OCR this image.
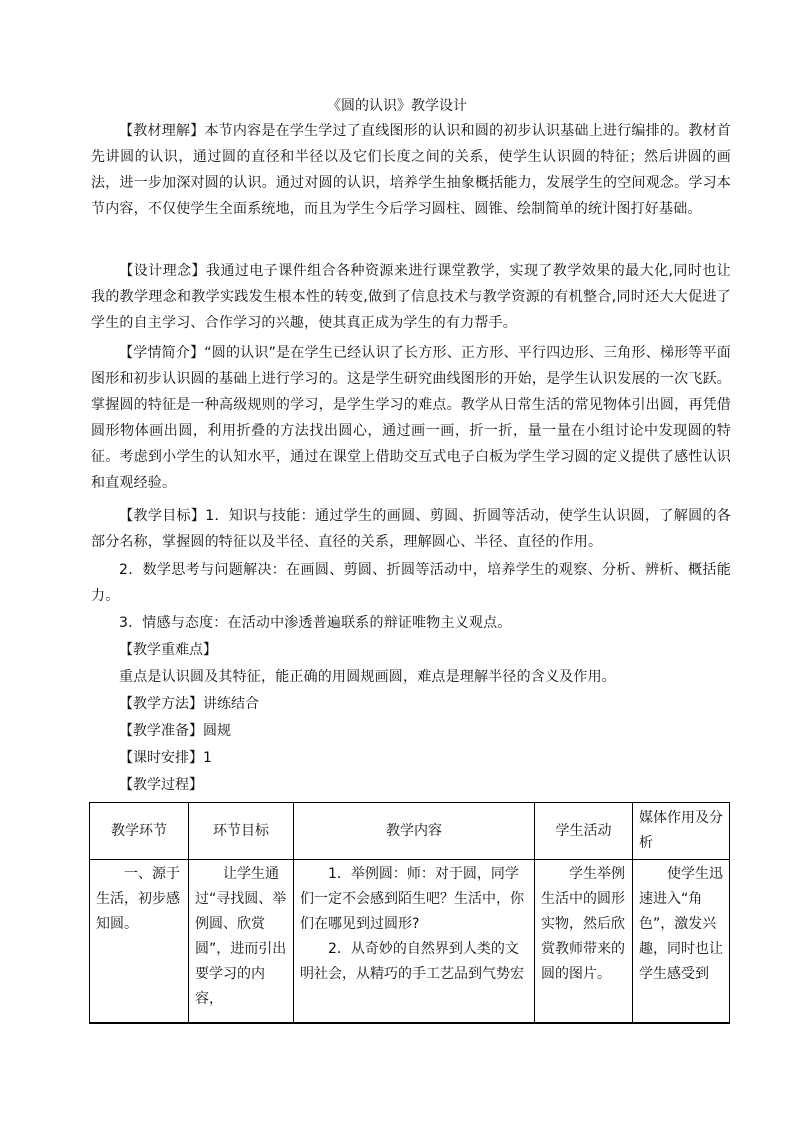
《圆的认识》教学设计

【教材理解】本节内容是在学生学过了直线图形的认识和圆的初步认识基础上进行编排的。教材首先讲圆的认识，通过圆的直径和半径以及它们长度之间的关系，使学生认识圆的特征；然后讲圆的画法，进一步加深对圆的认识。通过对圆的认识，培养学生抽象概括能力，发展学生的空间观念。学习本节内容，不仅使学生全面系统地，而且为学生今后学习圆柱、圆锥、绘制简单的统计图打好基础。

【设计理念】我通过电子课件组合各种资源来进行课堂教学，实现了教学效果的最大化,同时也让我的教学理念和教学实践发生根本性的转变,做到了信息技术与教学资源的有机整合,同时还大大促进了学生的自主学习、合作学习的兴趣，使其真正成为学生的有力帮手。

【学情简介】“圆的认识”是在学生已经认识了长方形、正方形、平行四边形、三角形、梯形等平面图形和初步认识圆的基础上进行学习的。这是学生研究曲线图形的开始，是学生认识发展的一次飞跃。掌握圆的特征是一种高级规则的学习，是学生学习的难点。教学从日常生活的常见物体引出圆，再凭借圆形物体画出圆，利用折叠的方法找出圆心，通过画一画，折一折，量一量在小组讨论中发现圆的特征。考虑到小学生的认知水平，通过在课堂上借助交互式电子白板为学生学习圆的定义提供了感性认识和直观经验。

【教学目标】1．知识与技能：通过学生的画圆、剪圆、折圆等活动，使学生认识圆，了解圆的各部分名称，掌握圆的特征以及半径、直径的关系，理解圆心、半径、直径的作用。

2．数学思考与问题解决：在画圆、剪圆、折圆等活动中，培养学生的观察、分析、辨析、概括能力。

3．情感与态度：在活动中渗透普遍联系的辩证唯物主义观点。

【教学重难点】

重点是认识圆及其特征，能正确的用圆规画圆，难点是理解半径的含义及作用。

【教学方法】讲练结合
【教学准备】圆规
【课时安排】1
【教学过程】
教学环节	环节目标	教学内容	学生活动	媒体作用及分析

一、源于生活，初步感知圆。	让学生通过“寻找圆、举例圆、欣赏圆”，进而引出要学习的内容，	1．举例圆：师：对于圆，同学们一定不会感到陌生吧？生活中，你们在哪见到过圆形?
2．从奇妙的自然界到人类的文明社会，从精巧的手工艺品到气势宏	学生举例生活中的圆形实物，然后欣赏教师带来的圆的图片。	使学生迅速进入“角色”，激发兴趣，同时也让学生感受到
